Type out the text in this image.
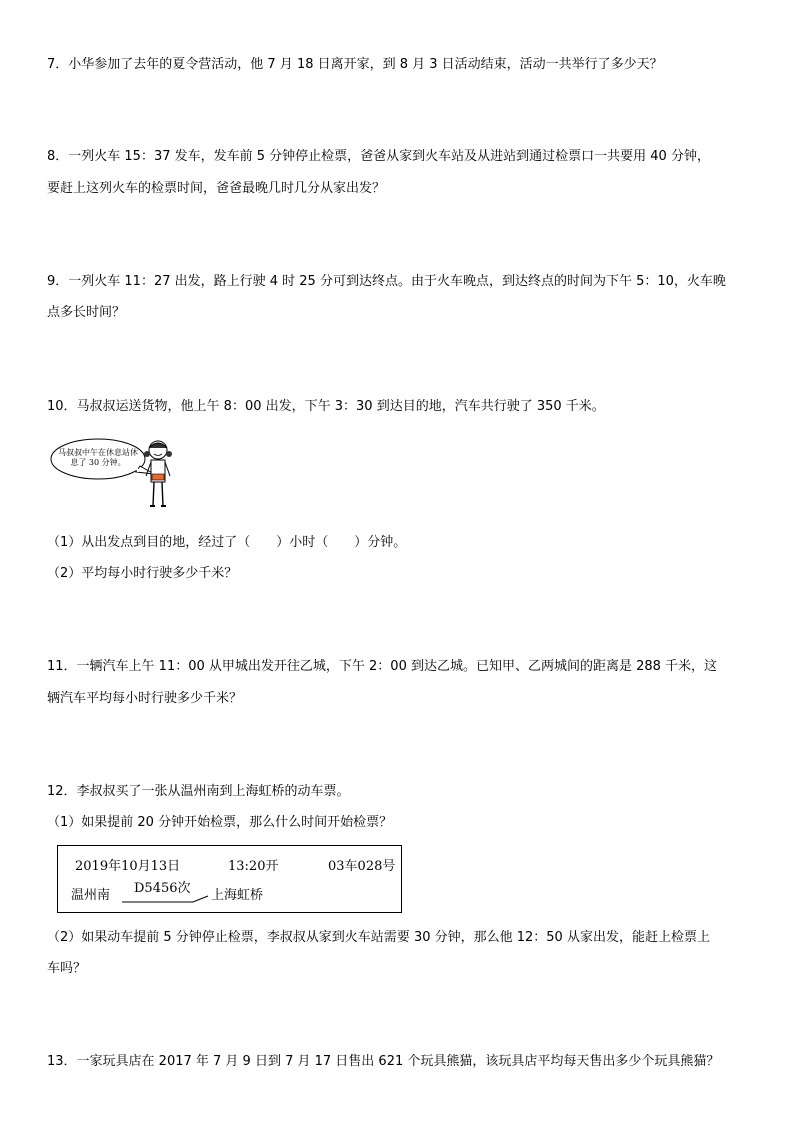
7．小华参加了去年的夏令营活动，他 7 月 18 日离开家，到 8 月 3 日活动结束，活动一共举行了多少天？
8．一列火车 15：37 发车，发车前 5 分钟停止检票，爸爸从家到火车站及从进站到通过检票口一共要用 40 分钟，
要赶上这列火车的检票时间，爸爸最晚几时几分从家出发？
9．一列火车 11：27 出发，路上行驶 4 时 25 分可到达终点。由于火车晚点，到达终点的时间为下午 5：10，火车晚
点多长时间？
10．马叔叔运送货物，他上午 8：00 出发，下午 3：30 到达目的地，汽车共行驶了 350 千米。
马叔叔中午在休息站休息了 30 分钟。
（1）从出发点到目的地，经过了（　　）小时（　　）分钟。
（2）平均每小时行驶多少千米？
11．一辆汽车上午 11：00 从甲城出发开往乙城，下午 2：00 到达乙城。已知甲、乙两城间的距离是 288 千米，这
辆汽车平均每小时行驶多少千米？
12．李叔叔买了一张从温州南到上海虹桥的动车票。
（1）如果提前 20 分钟开始检票，那么什么时间开始检票？
2019年10月13日	13:20开	03车028号
温州南 D5456次 上海虹桥
（2）如果动车提前 5 分钟停止检票，李叔叔从家到火车站需要 30 分钟，那么他 12：50 从家出发，能赶上检票上
车吗？
13．一家玩具店在 2017 年 7 月 9 日到 7 月 17 日售出 621 个玩具熊猫，该玩具店平均每天售出多少个玩具熊猫？
